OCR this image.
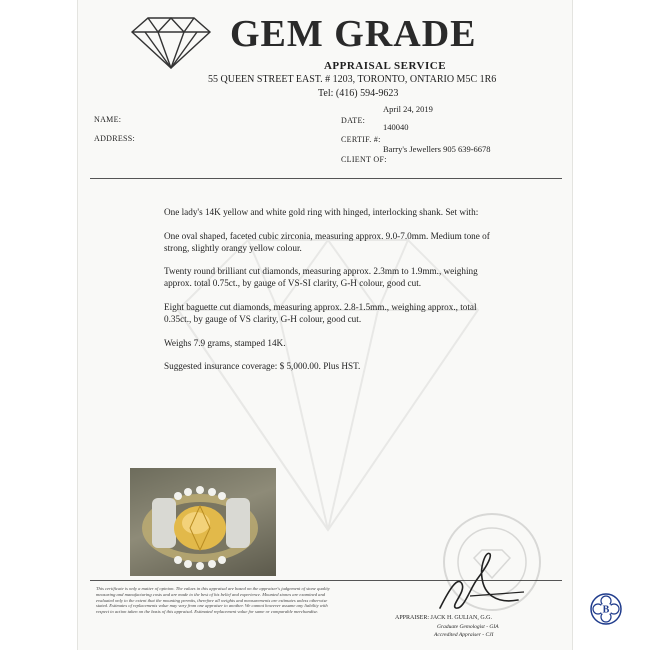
GEM GRADE
APPRAISAL SERVICE
55 QUEEN STREET EAST. # 1203, TORONTO, ONTARIO M5C 1R6
Tel: (416) 594-9623
NAME:
ADDRESS:
April 24, 2019
DATE:
140040
CERTIF. #:
Barry's Jewellers 905 639-6678
CLIENT OF:

One lady's 14K yellow and white gold ring with hinged, interlocking shank. Set with:

One oval shaped, faceted cubic zirconia, measuring approx. 9.0-7.0mm. Medium tone of strong, slightly orangy yellow colour.

Twenty round brilliant cut diamonds, measuring approx. 2.3mm to 1.9mm., weighing approx. total 0.75ct., by gauge of VS-SI clarity, G-H colour, good cut.

Eight baguette cut diamonds, measuring approx. 2.8-1.5mm., weighing approx., total 0.35ct., by gauge of VS clarity, G-H colour, good cut.

Weighs 7.9 grams, stamped 14K.

Suggested insurance coverage: $ 5,000.00. Plus HST.

This certificate is only a matter of opinion. The values in this appraisal are based on the appraiser's judgement of stone quality measuring and manufacturing costs and are made to the best of his belief and experience. Mounted stones are examined and evaluated only to the extent that the mounting permits, therefore all weights and measurements are estimates unless otherwise stated. Estimates of replacements value may vary from one appraiser to another. We cannot however assume any liability with respect to action taken on the basis of this appraisal. Estimated replacement value for same or comparable merchandise.
APPRAISER: JACK H. GULIAN, G.G.
Graduate Gemologist - GIA
Accredited Appraiser - CJI
B
